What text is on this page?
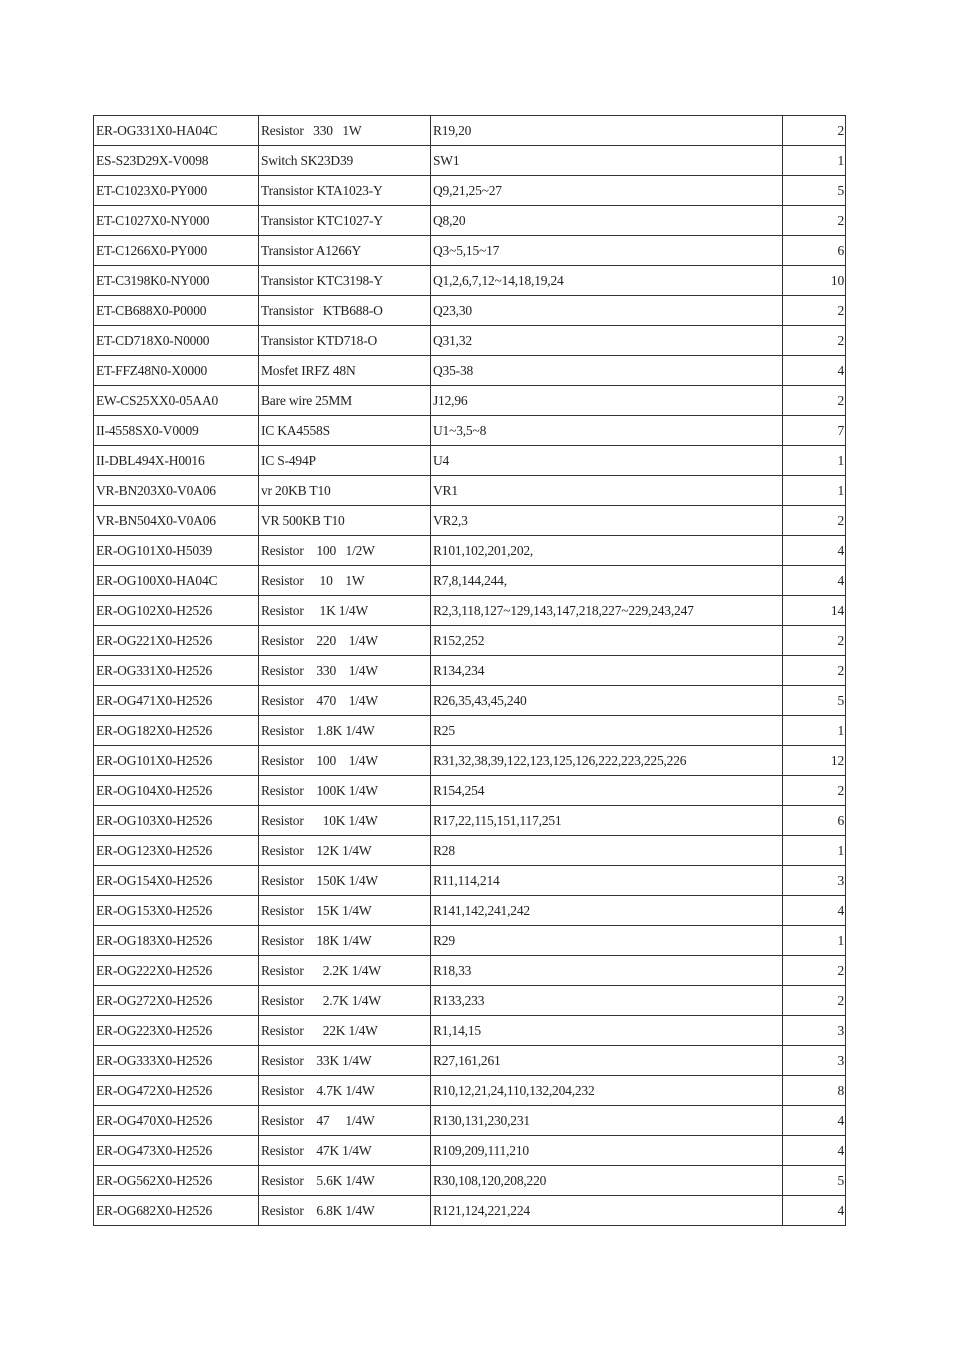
ER-OG331X0-HA04C	Resistor   330   1W	R19,20	2
ES-S23D29X-V0098	Switch SK23D39	SW1	1
ET-C1023X0-PY000	Transistor KTA1023-Y	Q9,21,25~27	5
ET-C1027X0-NY000	Transistor KTC1027-Y	Q8,20	2
ET-C1266X0-PY000	Transistor A1266Y	Q3~5,15~17	6
ET-C3198K0-NY000	Transistor KTC3198-Y	Q1,2,6,7,12~14,18,19,24	10
ET-CB688X0-P0000	Transistor   KTB688-O	Q23,30	2
ET-CD718X0-N0000	Transistor KTD718-O	Q31,32	2
ET-FFZ48N0-X0000	Mosfet IRFZ 48N	Q35-38	4
EW-CS25XX0-05AA0	Bare wire 25MM	J12,96	2
II-4558SX0-V0009	IC KA4558S	U1~3,5~8	7
II-DBL494X-H0016	IC S-494P	U4	1
VR-BN203X0-V0A06	vr 20KB T10	VR1	1
VR-BN504X0-V0A06	VR 500KB T10	VR2,3	2
ER-OG101X0-H5039	Resistor    100   1/2W	R101,102,201,202,	4
ER-OG100X0-HA04C	Resistor     10    1W	R7,8,144,244,	4
ER-OG102X0-H2526	Resistor     1K 1/4W	R2,3,118,127~129,143,147,218,227~229,243,247	14
ER-OG221X0-H2526	Resistor    220    1/4W	R152,252	2
ER-OG331X0-H2526	Resistor    330    1/4W	R134,234	2
ER-OG471X0-H2526	Resistor    470    1/4W	R26,35,43,45,240	5
ER-OG182X0-H2526	Resistor    1.8K 1/4W	R25	1
ER-OG101X0-H2526	Resistor    100    1/4W	R31,32,38,39,122,123,125,126,222,223,225,226	12
ER-OG104X0-H2526	Resistor    100K 1/4W	R154,254	2
ER-OG103X0-H2526	Resistor      10K 1/4W	R17,22,115,151,117,251	6
ER-OG123X0-H2526	Resistor    12K 1/4W	R28	1
ER-OG154X0-H2526	Resistor    150K 1/4W	R11,114,214	3
ER-OG153X0-H2526	Resistor    15K 1/4W	R141,142,241,242	4
ER-OG183X0-H2526	Resistor    18K 1/4W	R29	1
ER-OG222X0-H2526	Resistor      2.2K 1/4W	R18,33	2
ER-OG272X0-H2526	Resistor      2.7K 1/4W	R133,233	2
ER-OG223X0-H2526	Resistor      22K 1/4W	R1,14,15	3
ER-OG333X0-H2526	Resistor    33K 1/4W	R27,161,261	3
ER-OG472X0-H2526	Resistor    4.7K 1/4W	R10,12,21,24,110,132,204,232	8
ER-OG470X0-H2526	Resistor    47     1/4W	R130,131,230,231	4
ER-OG473X0-H2526	Resistor    47K 1/4W	R109,209,111,210	4
ER-OG562X0-H2526	Resistor    5.6K 1/4W	R30,108,120,208,220	5
ER-OG682X0-H2526	Resistor    6.8K 1/4W	R121,124,221,224	4
